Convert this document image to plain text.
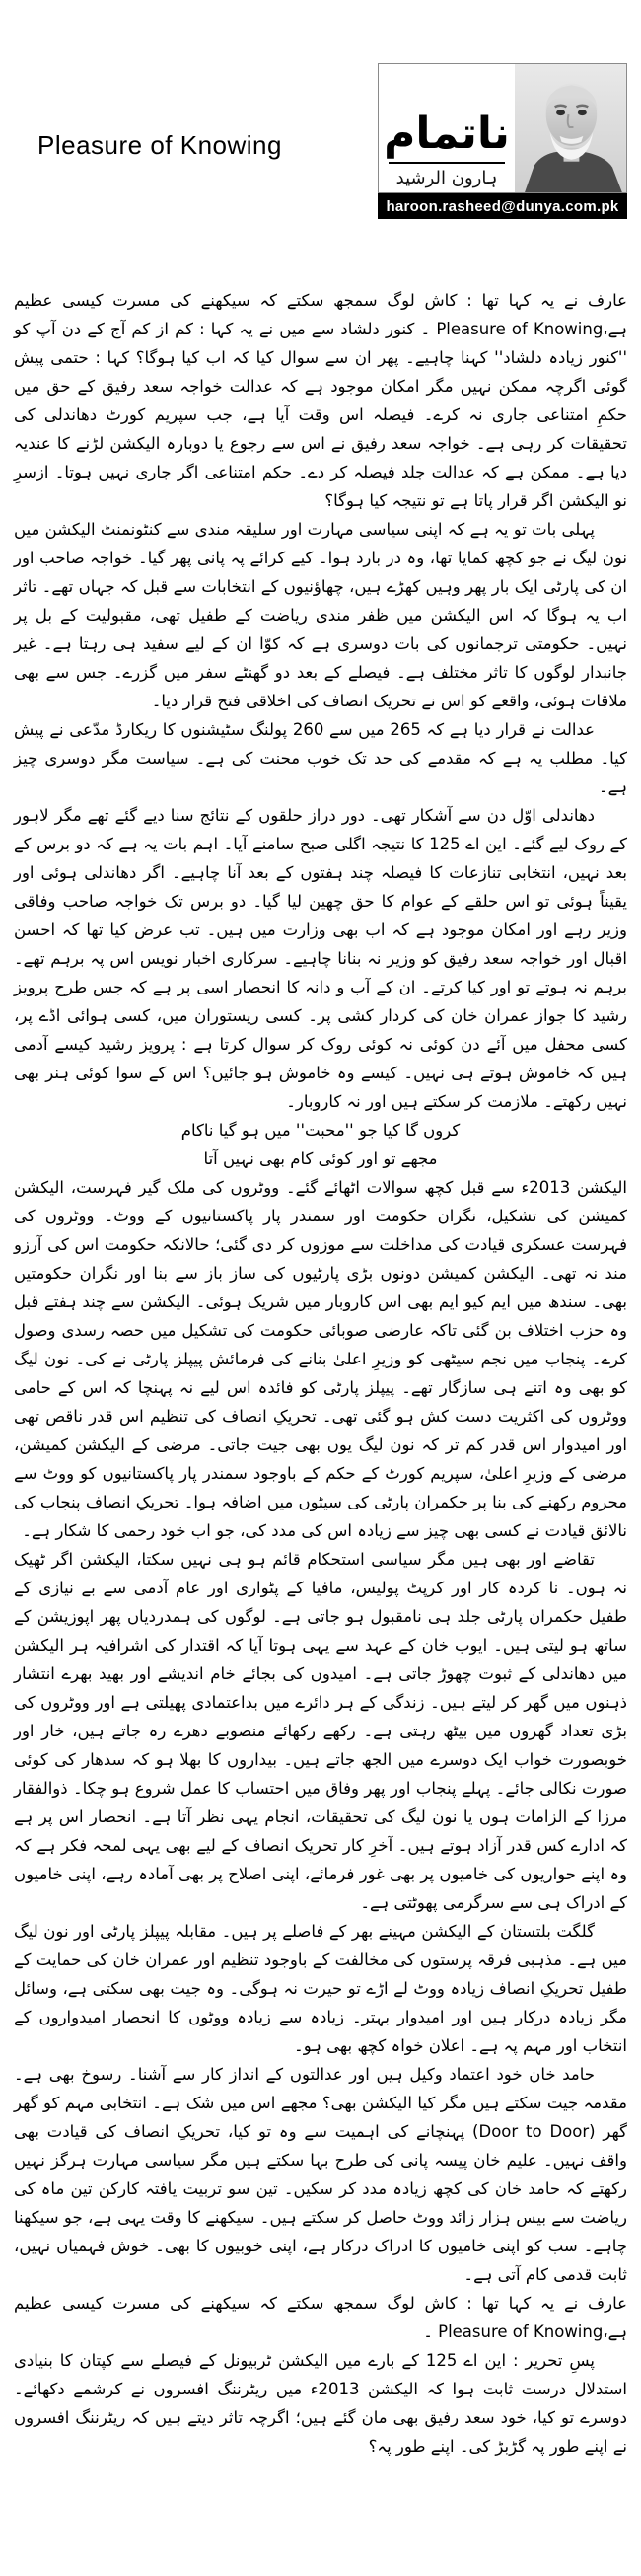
Pleasure of Knowing ناتمام
ہارون الرشید
haroon.rasheed@dunya.com.pk

عارف نے یہ کہا تھا : کاش لوگ سمجھ سکتے کہ سیکھنے کی مسرت کیسی عظیم ہے،Pleasure of Knowing ۔ کنور دلشاد سے میں نے یہ کہا : کم از کم آج کے دن آپ کو ''کنور زیادہ دلشاد'' کہنا چاہیے۔ پھر ان سے سوال کیا کہ اب کیا ہوگا؟ کہا : حتمی پیش گوئی اگرچہ ممکن نہیں مگر امکان موجود ہے کہ عدالت خواجہ سعد رفیق کے حق میں حکمِ امتناعی جاری نہ کرے۔ فیصلہ اس وقت آیا ہے، جب سپریم کورٹ دھاندلی کی تحقیقات کر رہی ہے۔ خواجہ سعد رفیق نے اس سے رجوع یا دوبارہ الیکشن لڑنے کا عندیہ دیا ہے۔ ممکن ہے کہ عدالت جلد فیصلہ کر دے۔ حکم امتناعی اگر جاری نہیں ہوتا۔ ازسرِ نو الیکشن اگر قرار پاتا ہے تو نتیجہ کیا ہوگا؟

پہلی بات تو یہ ہے کہ اپنی سیاسی مہارت اور سلیقہ مندی سے کنٹونمنٹ الیکشن میں نون لیگ نے جو کچھ کمایا تھا، وہ در بارد ہوا۔ کیے کرائے پہ پانی پھر گیا۔ خواجہ صاحب اور ان کی پارٹی ایک بار پھر وہیں کھڑے ہیں، چھاؤنیوں کے انتخابات سے قبل کہ جہاں تھے۔ تاثر اب یہ ہوگا کہ اس الیکشن میں ظفر مندی ریاضت کے طفیل تھی، مقبولیت کے بل پر نہیں۔ حکومتی ترجمانوں کی بات دوسری ہے کہ کوّا ان کے لیے سفید ہی رہتا ہے۔ غیر جانبدار لوگوں کا تاثر مختلف ہے۔ فیصلے کے بعد دو گھنٹے سفر میں گزرے۔ جس سے بھی ملاقات ہوئی، واقعے کو اس نے تحریک انصاف کی اخلاقی فتح قرار دیا۔

عدالت نے قرار دیا ہے کہ 265 میں سے 260 پولنگ سٹیشنوں کا ریکارڈ مدّعی نے پیش کیا۔ مطلب یہ ہے کہ مقدمے کی حد تک خوب محنت کی ہے۔ سیاست مگر دوسری چیز ہے۔

دھاندلی اوّل دن سے آشکار تھی۔ دور دراز حلقوں کے نتائج سنا دیے گئے تھے مگر لاہور کے روک لیے گئے۔ این اے 125 کا نتیجہ اگلی صبح سامنے آیا۔ اہم بات یہ ہے کہ دو برس کے بعد نہیں، انتخابی تنازعات کا فیصلہ چند ہفتوں کے بعد آنا چاہیے۔ اگر دھاندلی ہوئی اور یقیناً ہوئی تو اس حلقے کے عوام کا حق چھین لیا گیا۔ دو برس تک خواجہ صاحب وفاقی وزیر رہے اور امکان موجود ہے کہ اب بھی وزارت میں ہیں۔ تب عرض کیا تھا کہ احسن اقبال اور خواجہ سعد رفیق کو وزیر نہ بنانا چاہیے۔ سرکاری اخبار نویس اس پہ برہم تھے۔ برہم نہ ہوتے تو اور کیا کرتے۔ ان کے آب و دانہ کا انحصار اسی پر ہے کہ جس طرح پرویز رشید کا جواز عمران خان کی کردار کشی پر۔ کسی ریستوران میں، کسی ہوائی اڈے پر، کسی محفل میں آئے دن کوئی نہ کوئی روک کر سوال کرتا ہے : پرویز رشید کیسے آدمی ہیں کہ خاموش ہوتے ہی نہیں۔ کیسے وہ خاموش ہو جائیں؟ اس کے سوا کوئی ہنر بھی نہیں رکھتے۔ ملازمت کر سکتے ہیں اور نہ کاروبار۔

کروں گا کیا جو ''محبت'' میں ہو گیا ناکام
مجھے تو اور کوئی کام بھی نہیں آتا

الیکشن 2013ء سے قبل کچھ سوالات اٹھائے گئے۔ ووٹروں کی ملک گیر فہرست، الیکشن کمیشن کی تشکیل، نگران حکومت اور سمندر پار پاکستانیوں کے ووٹ۔ ووٹروں کی فہرست عسکری قیادت کی مداخلت سے موزوں کر دی گئی؛ حالانکہ حکومت اس کی آرزو مند نہ تھی۔ الیکشن کمیشن دونوں بڑی پارٹیوں کی ساز باز سے بنا اور نگران حکومتیں بھی۔ سندھ میں ایم کیو ایم بھی اس کاروبار میں شریک ہوئی۔ الیکشن سے چند ہفتے قبل وہ حزب اختلاف بن گئی تاکہ عارضی صوبائی حکومت کی تشکیل میں حصہ رسدی وصول کرے۔ پنجاب میں نجم سیٹھی کو وزیرِ اعلیٰ بنانے کی فرمائش پیپلز پارٹی نے کی۔ نون لیگ کو بھی وہ اتنے ہی سازگار تھے۔ پیپلز پارٹی کو فائدہ اس لیے نہ پہنچا کہ اس کے حامی ووٹروں کی اکثریت دست کش ہو گئی تھی۔ تحریکِ انصاف کی تنظیم اس قدر ناقص تھی اور امیدوار اس قدر کم تر کہ نون لیگ یوں بھی جیت جاتی۔ مرضی کے الیکشن کمیشن، مرضی کے وزیرِ اعلیٰ، سپریم کورٹ کے حکم کے باوجود سمندر پار پاکستانیوں کو ووٹ سے محروم رکھنے کی بنا پر حکمران پارٹی کی سیٹوں میں اضافہ ہوا۔ تحریکِ انصاف پنجاب کی نالائق قیادت نے کسی بھی چیز سے زیادہ اس کی مدد کی، جو اب خود رحمی کا شکار ہے۔

تقاضے اور بھی ہیں مگر سیاسی استحکام قائم ہو ہی نہیں سکتا، الیکشن اگر ٹھیک نہ ہوں۔ نا کردہ کار اور کرپٹ پولیس، مافیا کے پٹواری اور عام آدمی سے بے نیازی کے طفیل حکمران پارٹی جلد ہی نامقبول ہو جاتی ہے۔ لوگوں کی ہمدردیاں پھر اپوزیشن کے ساتھ ہو لیتی ہیں۔ ایوب خان کے عہد سے یہی ہوتا آیا کہ اقتدار کی اشرافیہ ہر الیکشن میں دھاندلی کے ثبوت چھوڑ جاتی ہے۔ امیدوں کی بجائے خام اندیشے اور بھید بھرے انتشار ذہنوں میں گھر کر لیتے ہیں۔ زندگی کے ہر دائرے میں بداعتمادی پھیلتی ہے اور ووٹروں کی بڑی تعداد گھروں میں بیٹھ رہتی ہے۔ رکھے رکھائے منصوبے دھرے رہ جاتے ہیں، خار اور خوبصورت خواب ایک دوسرے میں الجھ جاتے ہیں۔ بیداروں کا بھلا ہو کہ سدھار کی کوئی صورت نکالی جائے۔ پہلے پنجاب اور پھر وفاق میں احتساب کا عمل شروع ہو چکا۔ ذوالفقار مرزا کے الزامات ہوں یا نون لیگ کی تحقیقات، انجام یہی نظر آتا ہے۔ انحصار اس پر ہے کہ ادارے کس قدر آزاد ہوتے ہیں۔ آخرِ کار تحریک انصاف کے لیے بھی یہی لمحہ فکر ہے کہ وہ اپنے حواریوں کی خامیوں پر بھی غور فرمائے، اپنی اصلاح پر بھی آمادہ رہے، اپنی خامیوں کے ادراک ہی سے سرگرمی پھوٹتی ہے۔

گلگت بلتستان کے الیکشن مہینے بھر کے فاصلے پر ہیں۔ مقابلہ پیپلز پارٹی اور نون لیگ میں ہے۔ مذہبی فرقہ پرستوں کی مخالفت کے باوجود تنظیم اور عمران خان کی حمایت کے طفیل تحریکِ انصاف زیادہ ووٹ لے اڑے تو حیرت نہ ہوگی۔ وہ جیت بھی سکتی ہے، وسائل مگر زیادہ درکار ہیں اور امیدوار بہتر۔ زیادہ سے زیادہ ووٹوں کا انحصار امیدواروں کے انتخاب اور مہم پہ ہے۔ اعلان خواہ کچھ بھی ہو۔

حامد خان خود اعتماد وکیل ہیں اور عدالتوں کے انداز کار سے آشنا۔ رسوخ بھی ہے۔ مقدمہ جیت سکتے ہیں مگر کیا الیکشن بھی؟ مجھے اس میں شک ہے۔ انتخابی مہم کو گھر گھر (Door to Door) پہنچانے کی اہمیت سے وہ تو کیا، تحریکِ انصاف کی قیادت بھی واقف نہیں۔ علیم خان پیسہ پانی کی طرح بہا سکتے ہیں مگر سیاسی مہارت ہرگز نہیں رکھتے کہ حامد خان کی کچھ زیادہ مدد کر سکیں۔ تین سو تربیت یافتہ کارکن تین ماہ کی ریاضت سے بیس ہزار زائد ووٹ حاصل کر سکتے ہیں۔ سیکھنے کا وقت یہی ہے، جو سیکھنا چاہے۔ سب کو اپنی خامیوں کا ادراک درکار ہے، اپنی خوبیوں کا بھی۔ خوش فہمیاں نہیں، ثابت قدمی کام آتی ہے۔

عارف نے یہ کہا تھا : کاش لوگ سمجھ سکتے کہ سیکھنے کی مسرت کیسی عظیم ہے،Pleasure of Knowing ۔

پسِ تحریر : این اے 125 کے بارے میں الیکشن ٹربیونل کے فیصلے سے کپتان کا بنیادی استدلال درست ثابت ہوا کہ الیکشن 2013ء میں ریٹرننگ افسروں نے کرشمے دکھائے۔ دوسرے تو کیا، خود سعد رفیق بھی مان گئے ہیں؛ اگرچہ تاثر دیتے ہیں کہ ریٹرننگ افسروں نے اپنے طور پہ گڑبڑ کی۔ اپنے طور پہ؟
